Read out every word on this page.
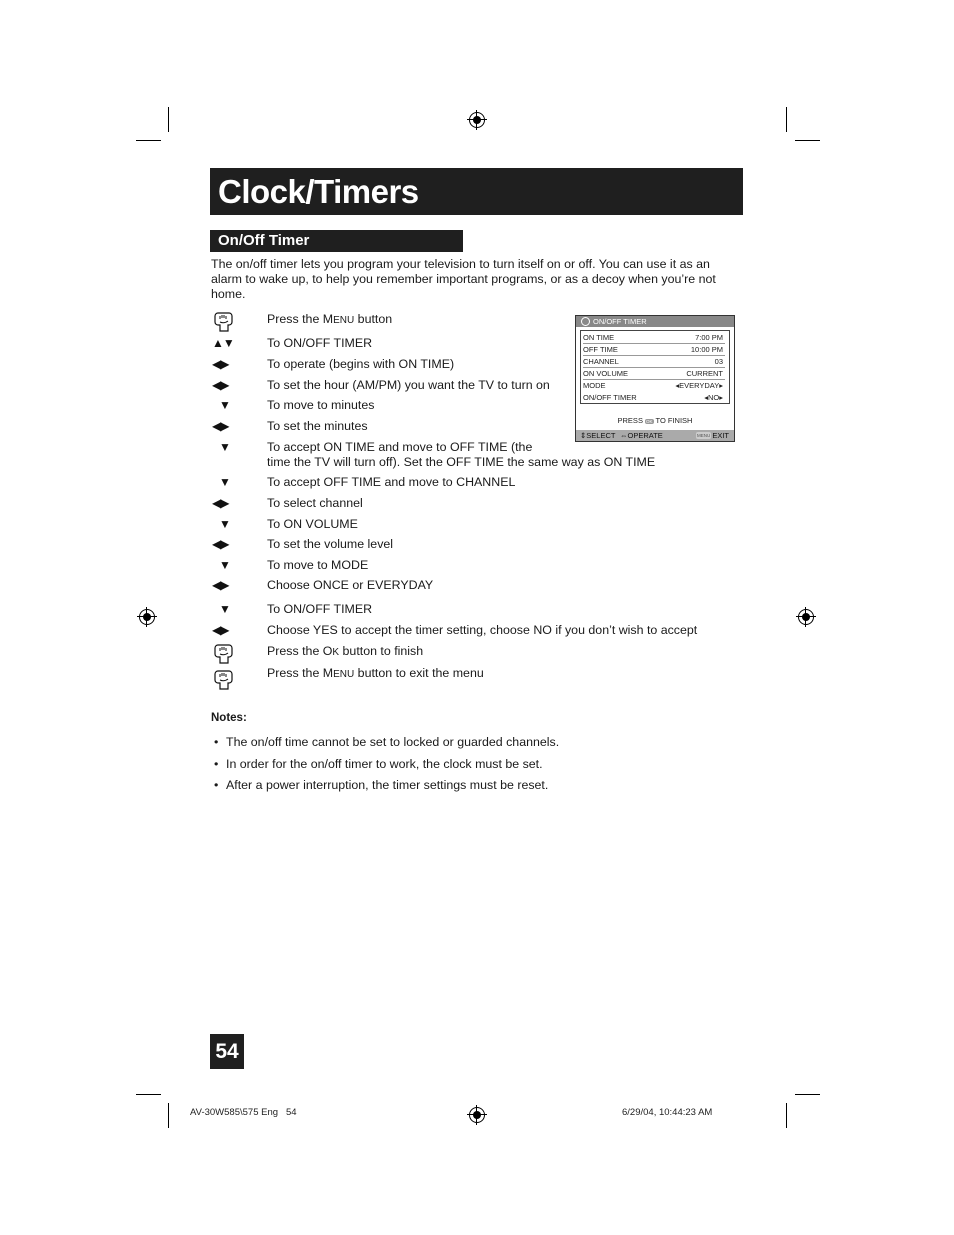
Clock/Timers
On/Off Timer
The on/off timer lets you program your television to turn itself on or off. You can use it as an alarm to wake up, to help you remember important programs, or as a decoy when you’re not home.
Press the MENU button
▲▼	To ON/OFF TIMER
◀▶	To operate (begins with ON TIME)
◀▶	To set the hour (AM/PM) you want the TV to turn on
▼	To move to minutes
◀▶	To set the minutes
▼	To accept ON TIME and move to OFF TIME (the
time the TV will turn off). Set the OFF TIME the same way as ON TIME
▼	To accept OFF TIME and move to CHANNEL
◀▶	To select channel
▼	To ON VOLUME
◀▶	To set the volume level
▼	To move to MODE
◀▶	Choose ONCE or EVERYDAY
▼	To ON/OFF TIMER
◀▶	Choose YES to accept the timer setting, choose NO if you don’t wish to accept
Press the OK button to finish
Press the MENU button to exit the menu
ON/OFF TIMER
ON TIME	7:00 PM
OFF TIME	10:00 PM
CHANNEL	03
ON VOLUME	CURRENT
MODE	◂EVERYDAY▸
ON/OFF TIMER	◂NO▸
PRESS OK TO FINISH
⇕SELECT ⇔OPERATE	MENU EXIT
Notes:
• The on/off time cannot be set to locked or guarded channels.
• In order for the on/off timer to work, the clock must be set.
• After a power interruption, the timer settings must be reset.
54
AV-30W585\575 Eng   54	6/29/04, 10:44:23 AM
